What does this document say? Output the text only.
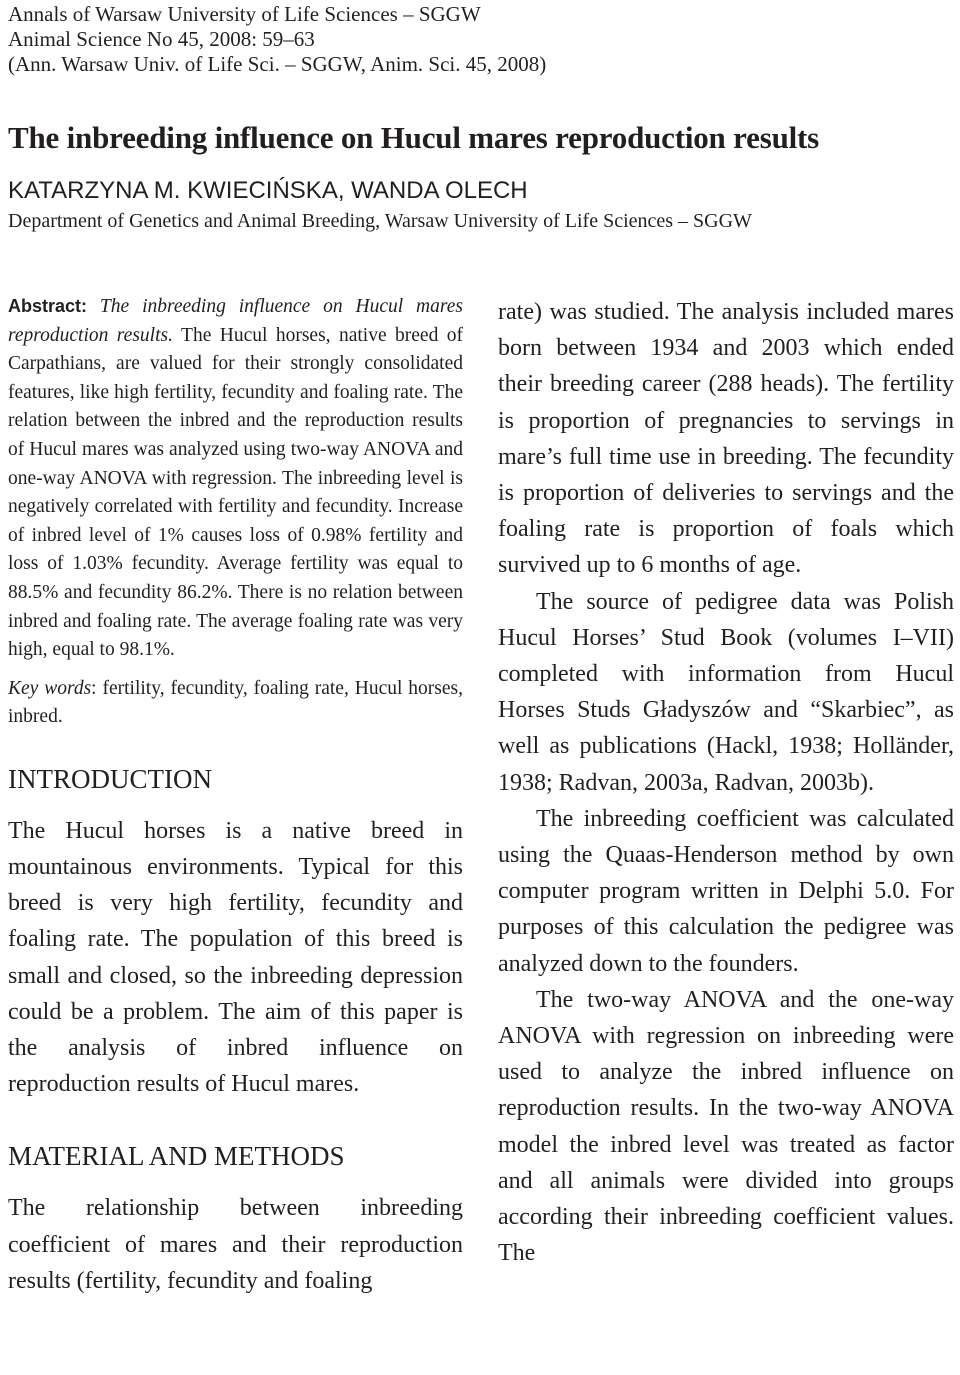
Annals of Warsaw University of Life Sciences – SGGW
Animal Science No 45, 2008: 59–63
(Ann. Warsaw Univ. of Life Sci. – SGGW, Anim. Sci. 45, 2008)
The inbreeding influence on Hucul mares reproduction results
KATARZYNA M. KWIECIŃSKA, WANDA OLECH
Department of Genetics and Animal Breeding, Warsaw University of Life Sciences – SGGW

Abstract: The inbreeding influence on Hucul mares reproduction results. The Hucul horses, native breed of Carpathians, are valued for their strongly consolidated features, like high fertility, fecundity and foaling rate. The relation between the inbred and the reproduction results of Hucul mares was analyzed using two-way ANOVA and one-way ANOVA with regression. The inbreeding level is negatively correlated with fertility and fecundity. Increase of inbred level of 1% causes loss of 0.98% fertility and loss of 1.03% fecundity. Average fertility was equal to 88.5% and fecundity 86.2%. There is no relation between inbred and foaling rate. The average foaling rate was very high, equal to 98.1%.

Key words: fertility, fecundity, foaling rate, Hucul horses, inbred.

INTRODUCTION

The Hucul horses is a native breed in mountainous environments. Typical for this breed is very high fertility, fecundity and foaling rate. The population of this breed is small and closed, so the inbreeding depression could be a problem. The aim of this paper is the analysis of inbred influence on reproduction results of Hucul mares.

MATERIAL AND METHODS

The relationship between inbreeding coefficient of mares and their reproduction results (fertility, fecundity and foaling

rate) was studied. The analysis included mares born between 1934 and 2003 which ended their breeding career (288 heads). The fertility is proportion of pregnancies to servings in mare’s full time use in breeding. The fecundity is proportion of deliveries to servings and the foaling rate is proportion of foals which survived up to 6 months of age.

The source of pedigree data was Polish Hucul Horses’ Stud Book (volumes I–VII) completed with information from Hucul Horses Studs Gładyszów and “Skarbiec”, as well as publications (Hackl, 1938; Holländer, 1938; Radvan, 2003a, Radvan, 2003b).

The inbreeding coefficient was calculated using the Quaas-Henderson method by own computer program written in Delphi 5.0. For purposes of this calculation the pedigree was analyzed down to the founders.

The two-way ANOVA and the one-way ANOVA with regression on inbreeding were used to analyze the inbred influence on reproduction results. In the two-way ANOVA model the inbred level was treated as factor and all animals were divided into groups according their inbreeding coefficient values. The
